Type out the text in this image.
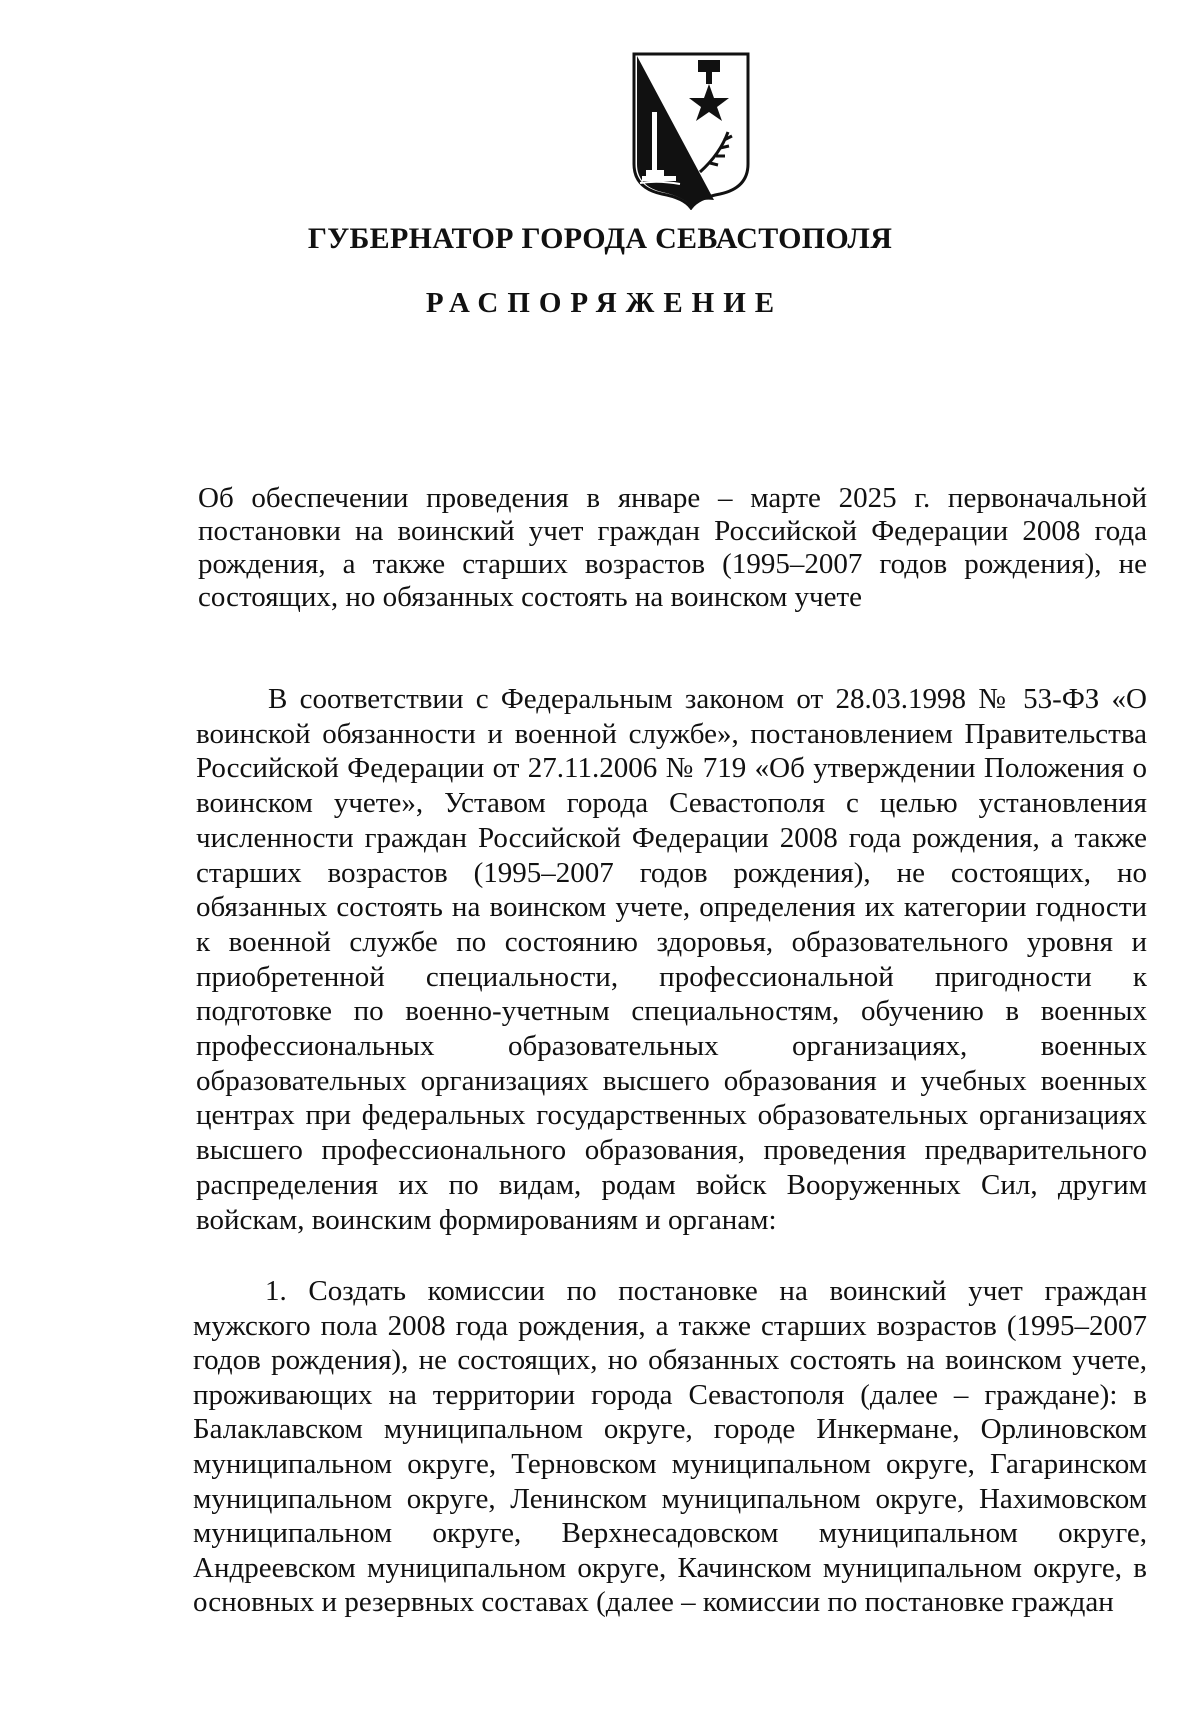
ГУБЕРНАТОР ГОРОДА СЕВАСТОПОЛЯ
РАСПОРЯЖЕНИЕ
Об обеспечении проведения в январе – марте 2025 г. первоначальной постановки на воинский учет граждан Российской Федерации 2008 года рождения, а также старших возрастов (1995–2007 годов рождения), не состоящих, но обязанных состоять на воинском учете
В соответствии с Федеральным законом от 28.03.1998 № 53-ФЗ «О воинской обязанности и военной службе», постановлением Правительства Российской Федерации от 27.11.2006 № 719 «Об утверждении Положения о воинском учете», Уставом города Севастополя с целью установления численности граждан Российской Федерации 2008 года рождения, а также старших возрастов (1995–2007 годов рождения), не состоящих, но обязанных состоять на воинском учете, определения их категории годности к военной службе по состоянию здоровья, образовательного уровня и приобретенной специальности, профессиональной пригодности к подготовке по военно-учетным специальностям, обучению в военных профессиональных образовательных организациях, военных образовательных организациях высшего образования и учебных военных центрах при федеральных государственных образовательных организациях высшего профессионального образования, проведения предварительного распределения их по видам, родам войск Вооруженных Сил, другим войскам, воинским формированиям и органам:
1. Создать комиссии по постановке на воинский учет граждан мужского пола 2008 года рождения, а также старших возрастов (1995–2007 годов рождения), не состоящих, но обязанных состоять на воинском учете, проживающих на территории города Севастополя (далее – граждане): в Балаклавском муниципальном округе, городе Инкермане, Орлиновском муниципальном округе, Терновском муниципальном округе, Гагаринском муниципальном округе, Ленинском муниципальном округе, Нахимовском муниципальном округе, Верхнесадовском муниципальном округе, Андреевском муниципальном округе, Качинском муниципальном округе, в основных и резервных составах (далее – комиссии по постановке граждан
